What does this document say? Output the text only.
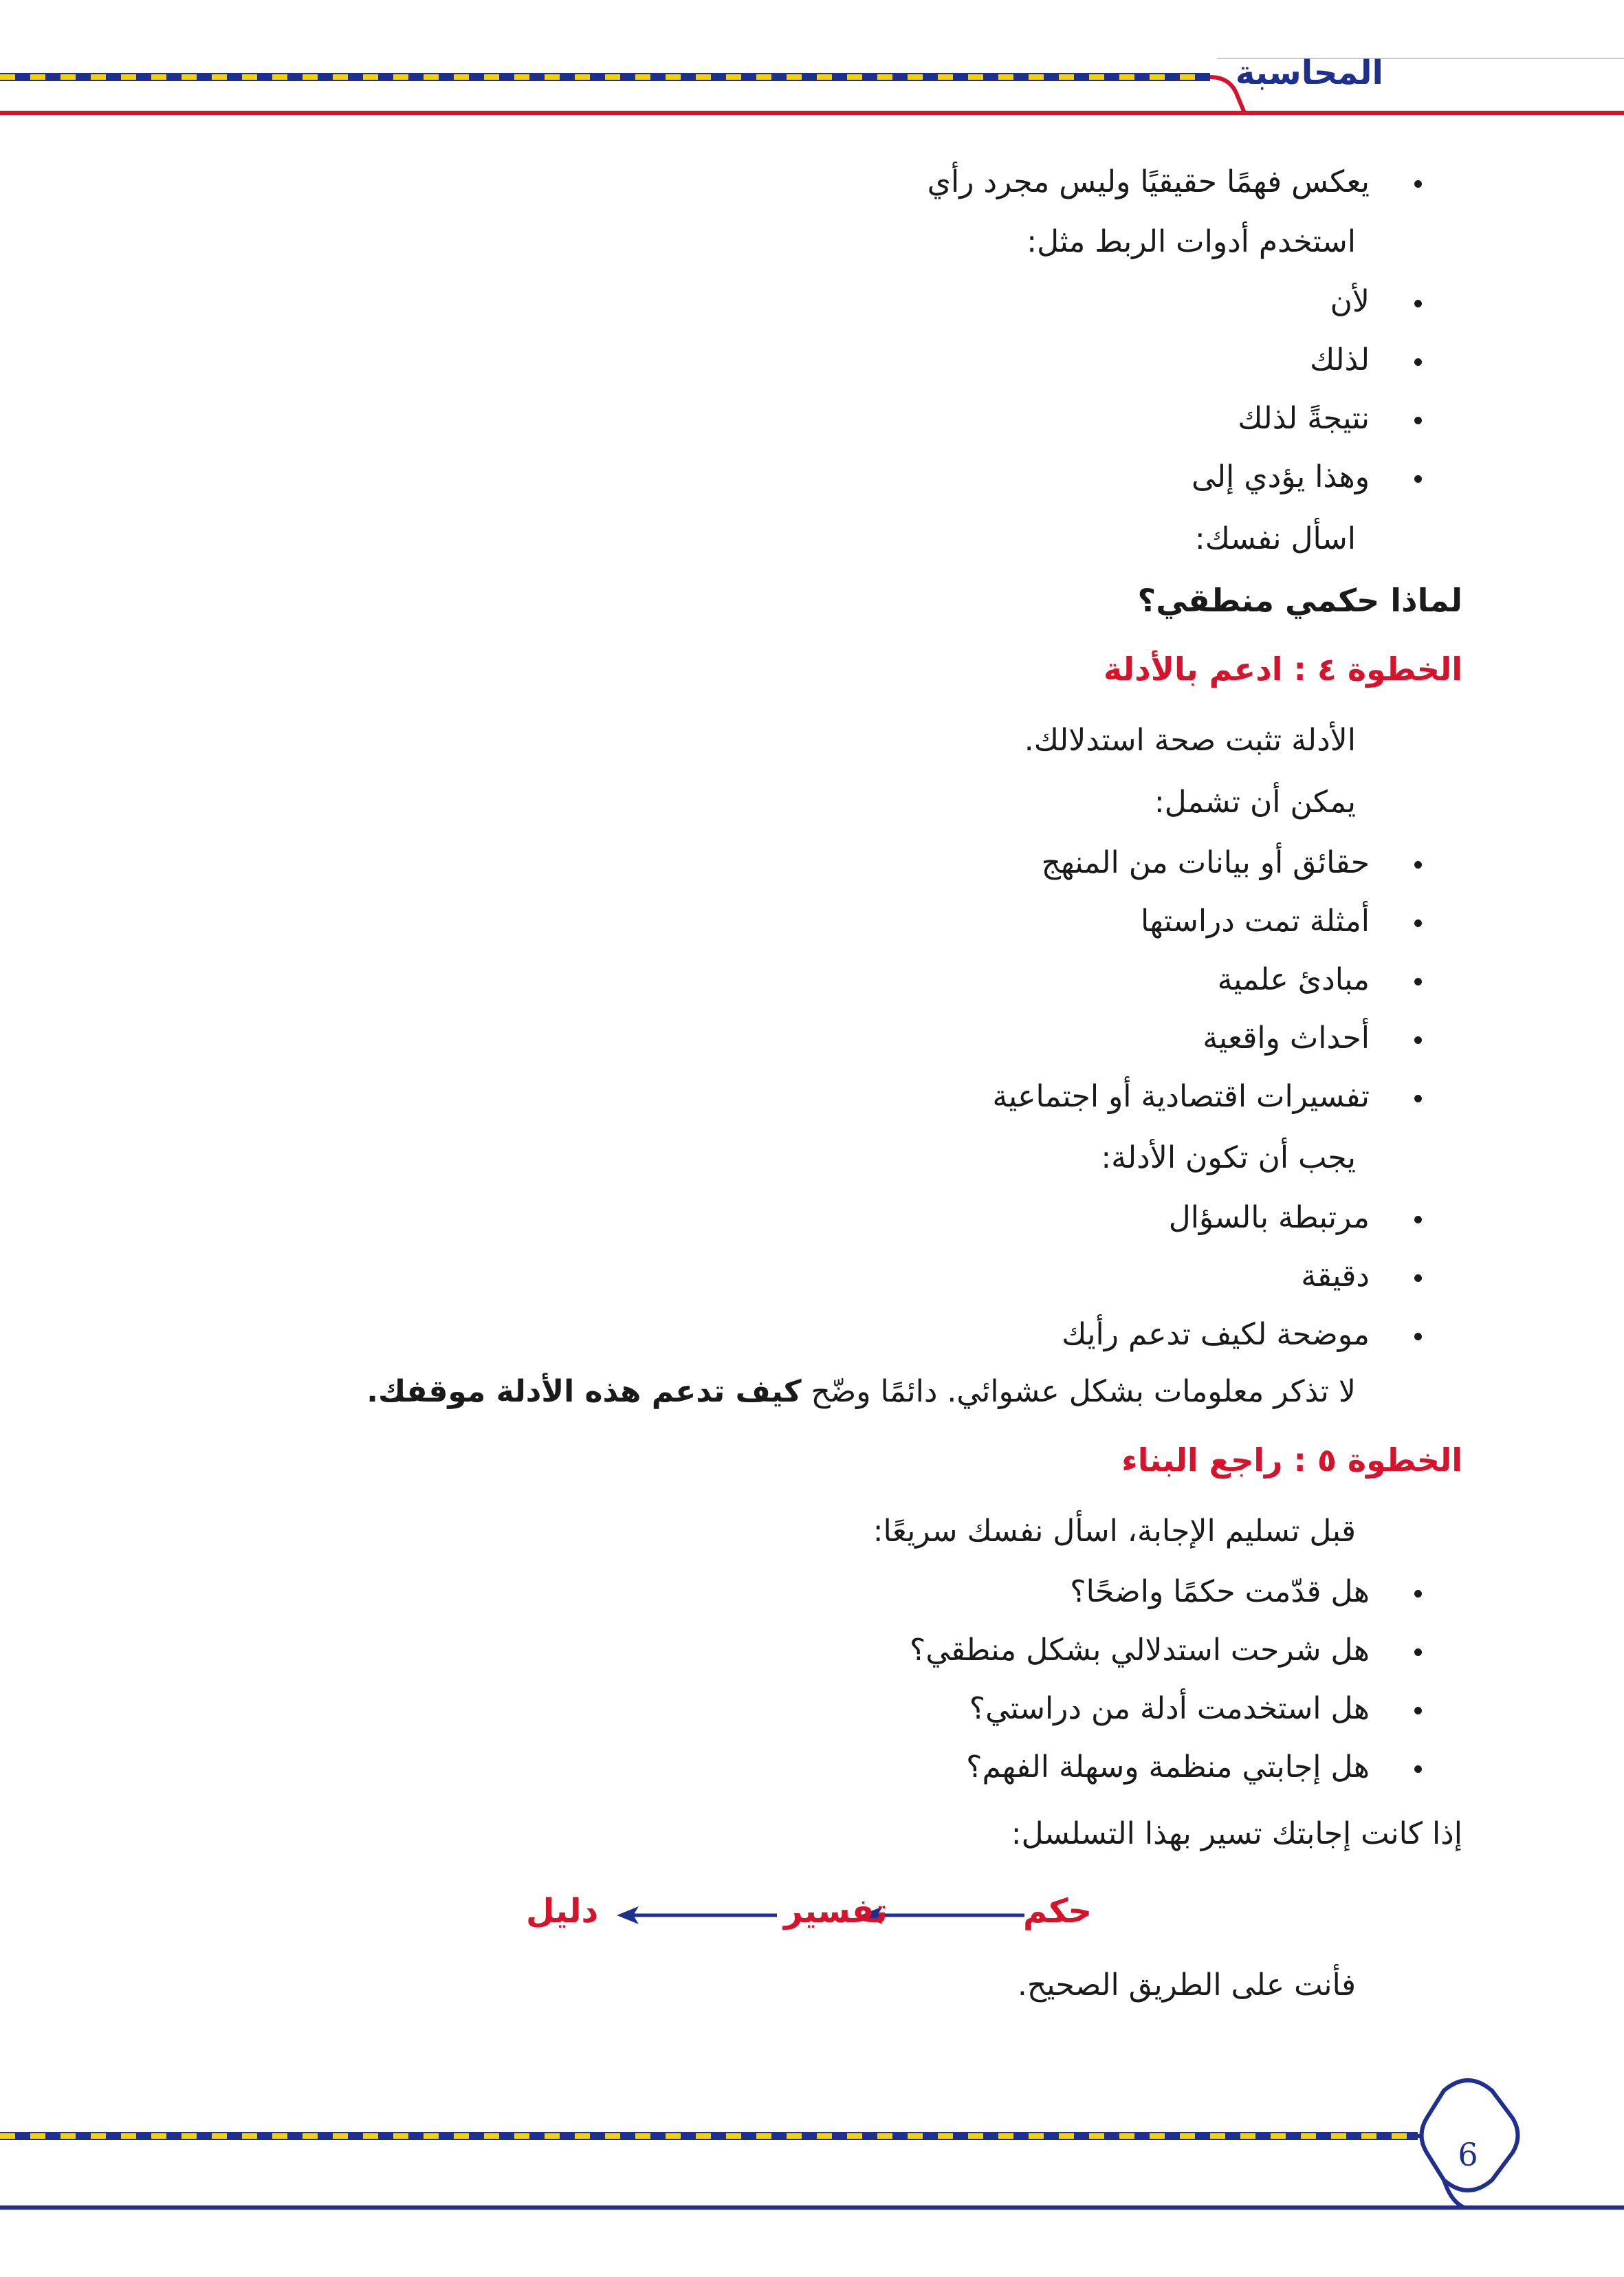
المحاسبة
يعكس فهمًا حقيقيًا وليس مجرد رأي
استخدم أدوات الربط مثل:
لأن
لذلك
نتيجةً لذلك
وهذا يؤدي إلى
اسأل نفسك:
لماذا حكمي منطقي؟
الخطوة ٤ : ادعم بالأدلة
الأدلة تثبت صحة استدلالك.
يمكن أن تشمل:
حقائق أو بيانات من المنهج
أمثلة تمت دراستها
مبادئ علمية
أحداث واقعية
تفسيرات اقتصادية أو اجتماعية
يجب أن تكون الأدلة:
مرتبطة بالسؤال
دقيقة
موضحة لكيف تدعم رأيك
لا تذكر معلومات بشكل عشوائي. دائمًا وضّح كيف تدعم هذه الأدلة موقفك.
الخطوة ٥ : راجع البناء
قبل تسليم الإجابة، اسأل نفسك سريعًا:
هل قدّمت حكمًا واضحًا؟
هل شرحت استدلالي بشكل منطقي؟
هل استخدمت أدلة من دراستي؟
هل إجابتي منظمة وسهلة الفهم؟
إذا كانت إجابتك تسير بهذا التسلسل:
حكم
تفسير
دليل
فأنت على الطريق الصحيح.
6
